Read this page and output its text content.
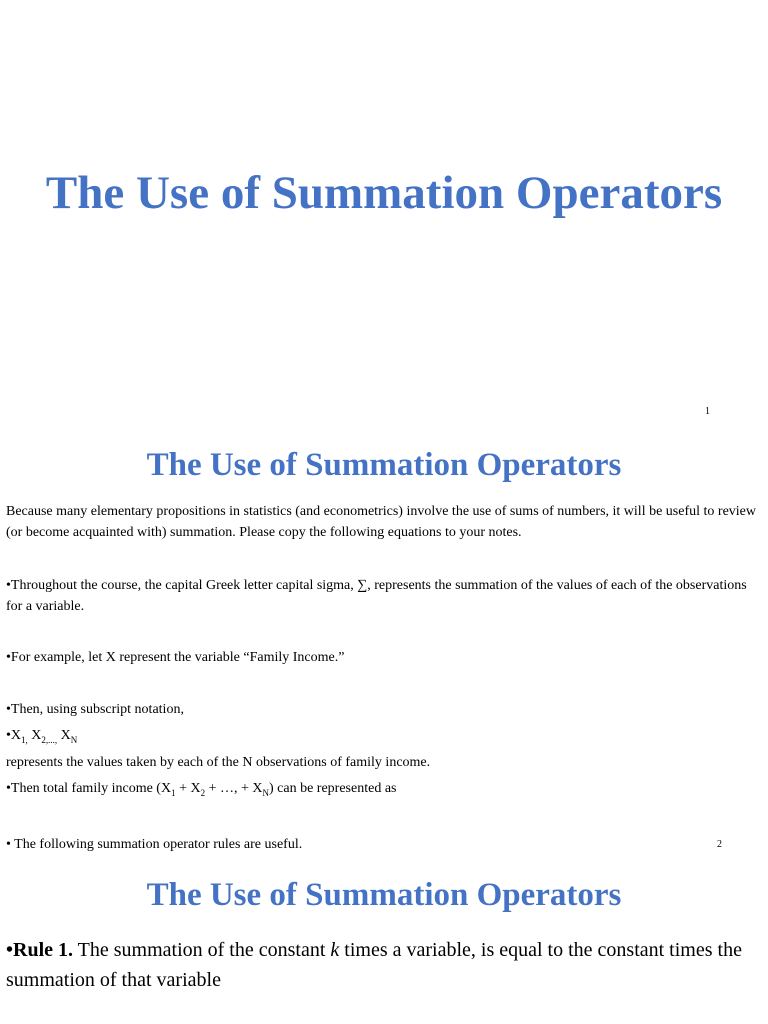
The Use of Summation Operators
1
The Use of Summation Operators
Because many elementary propositions in statistics (and econometrics) involve the use of sums of numbers, it will be useful to review (or become acquainted with) summation. Please copy the following equations to your notes.
•Throughout the course, the capital Greek letter capital sigma, ∑, represents the summation of the values of each of the observations for a variable.
•For example, let X represent the variable “Family Income.”
•Then, using subscript notation,
$•X_{1,}$ $X_{2,...,}$ $X_N$
represents the values taken by each of the N observations of family income.
•Then total family income ($X_1 + X_2$ + …, + $X_N$) can be represented as
• The following summation operator rules are useful.	2
The Use of Summation Operators
•Rule 1. The summation of the constant k times a variable, is equal to the constant times the summation of that variable
